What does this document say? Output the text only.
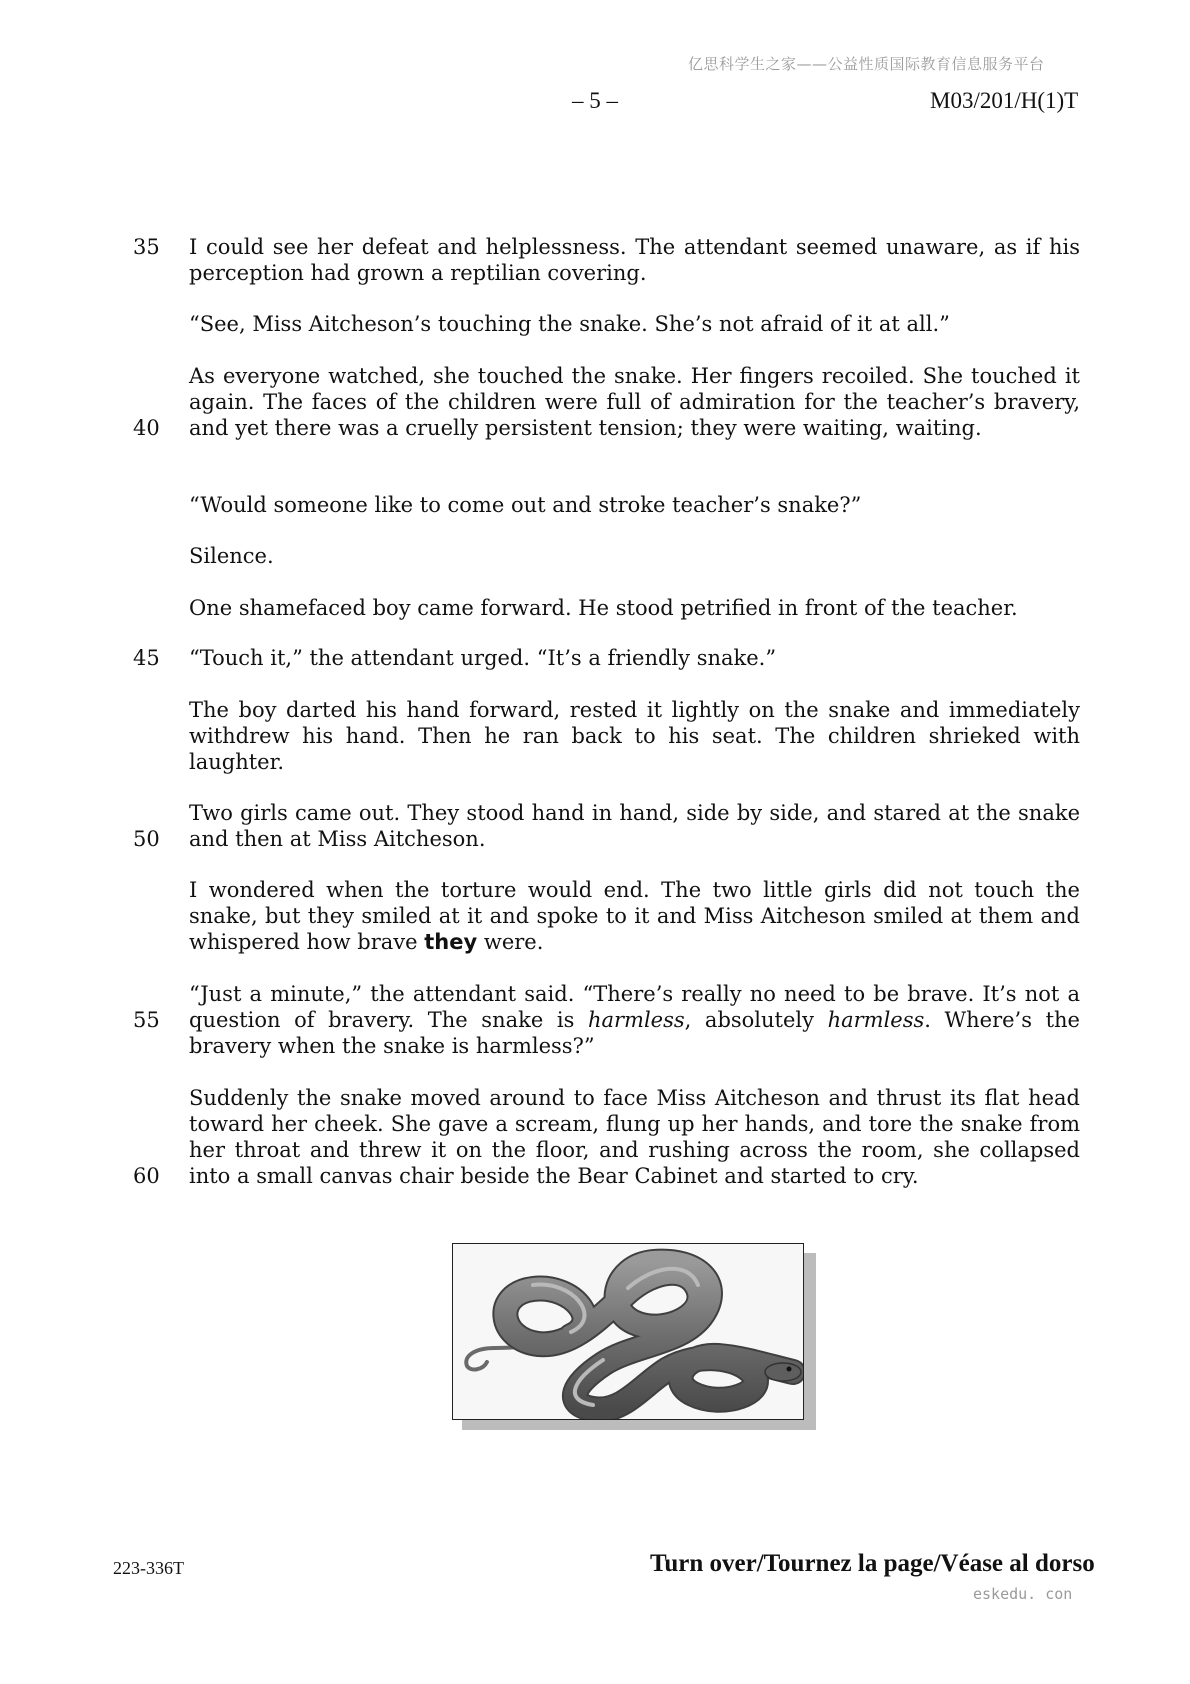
亿思科学生之家——公益性质国际教育信息服务平台
– 5 –	M03/201/H(1)T
35
40
45
50
55
60

I could see her defeat and helplessness. The attendant seemed unaware, as if his perception had grown a reptilian covering.

“See, Miss Aitcheson’s touching the snake. She’s not afraid of it at all.”

As everyone watched, she touched the snake. Her fingers recoiled. She touched it again. The faces of the children were full of admiration for the teacher’s bravery, and yet there was a cruelly persistent tension; they were waiting, waiting.

“Would someone like to come out and stroke teacher’s snake?”

Silence.

One shamefaced boy came forward. He stood petrified in front of the teacher.

“Touch it,” the attendant urged. “It’s a friendly snake.”

The boy darted his hand forward, rested it lightly on the snake and immediately withdrew his hand. Then he ran back to his seat. The children shrieked with laughter.

Two girls came out. They stood hand in hand, side by side, and stared at the snake and then at Miss Aitcheson.

I wondered when the torture would end. The two little girls did not touch the snake, but they smiled at it and spoke to it and Miss Aitcheson smiled at them and whispered how brave they were.

“Just a minute,” the attendant said. “There’s really no need to be brave. It’s not a question of bravery. The snake is harmless, absolutely harmless. Where’s the bravery when the snake is harmless?”

Suddenly the snake moved around to face Miss Aitcheson and thrust its flat head toward her cheek. She gave a scream, flung up her hands, and tore the snake from her throat and threw it on the floor, and rushing across the room, she collapsed into a small canvas chair beside the Bear Cabinet and started to cry.

223-336T	Turn over/Tournez la page/Véase al dorso
eskedu. con
